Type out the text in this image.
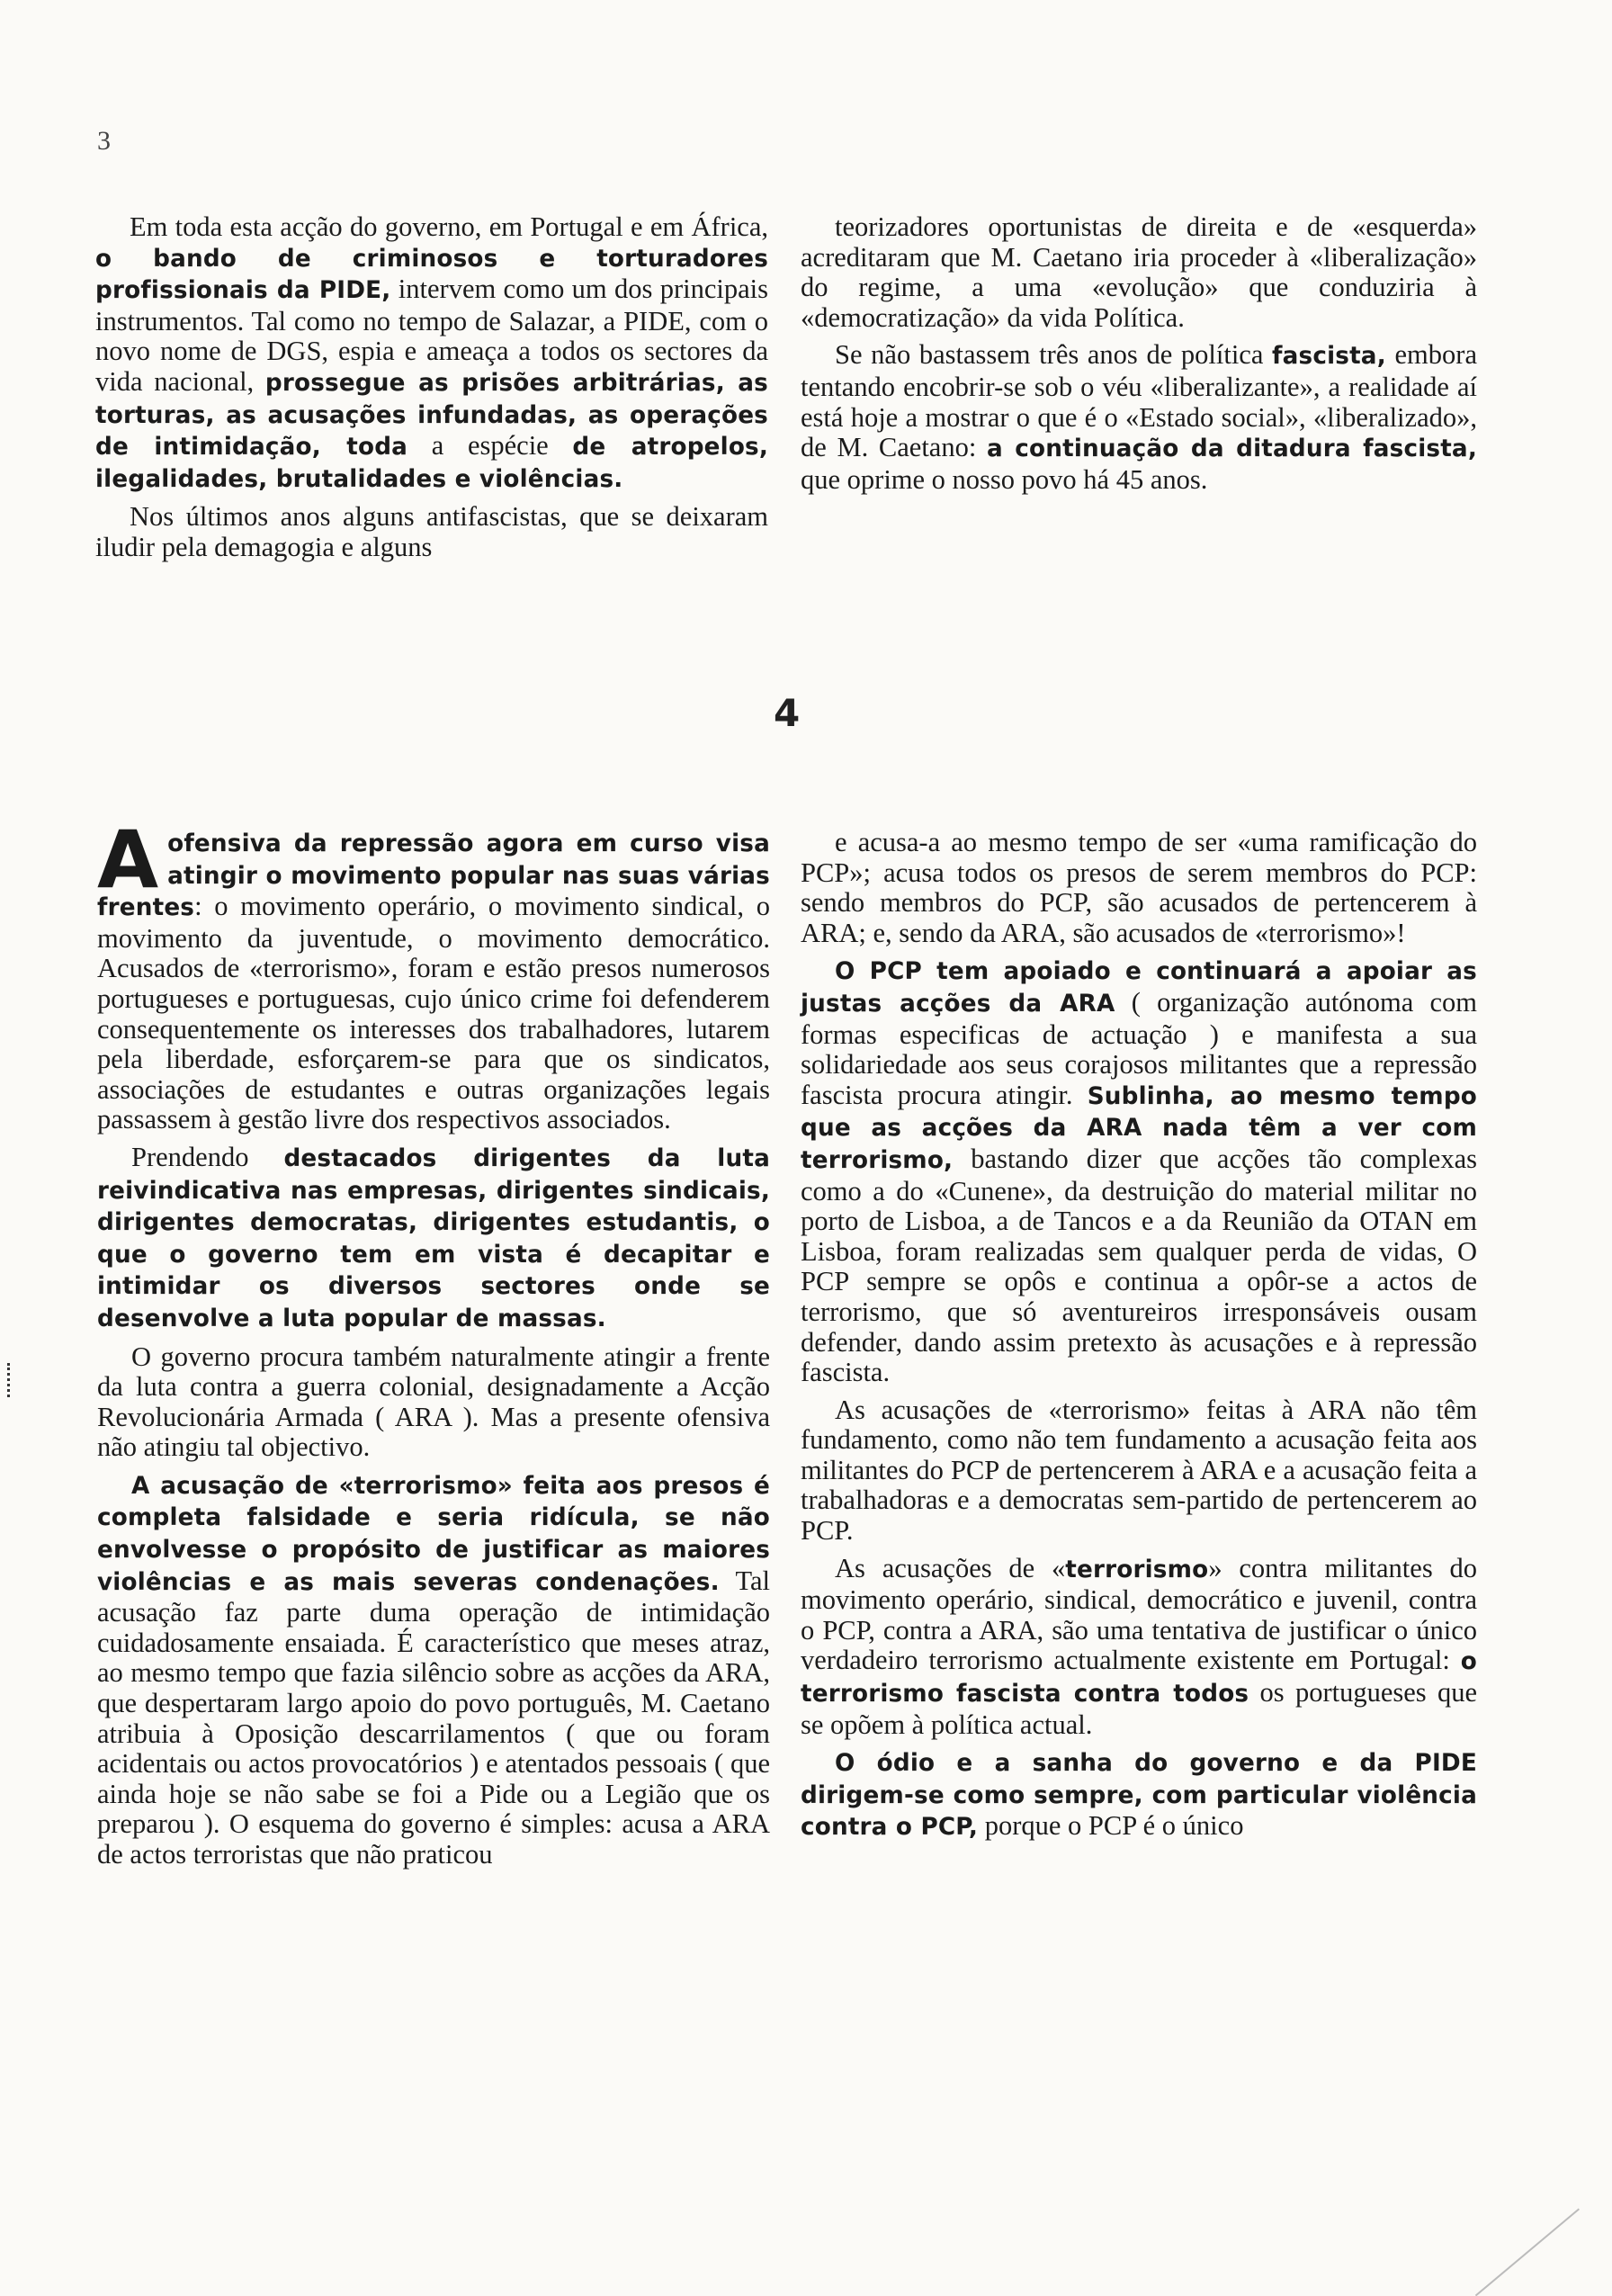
3

Em toda esta acção do governo, em Portugal e em África, o bando de criminosos e torturadores profissionais da PIDE, intervem como um dos principais instrumentos. Tal como no tempo de Salazar, a PIDE, com o novo nome de DGS, espia e ameaça a todos os sectores da vida nacional, prossegue as prisões arbitrárias, as torturas, as acusações infundadas, as operações de intimidação, toda a espécie de atropelos, ilegalidades, brutalidades e violências.

Nos últimos anos alguns antifascistas, que se deixaram iludir pela demagogia e alguns

teorizadores oportunistas de direita e de «esquerda» acreditaram que M. Caetano iria proceder à «liberalização» do regime, a uma «evolução» que conduziria à «democratização» da vida Política.

Se não bastassem três anos de política fascista, embora tentando encobrir-se sob o véu «liberalizante», a realidade aí está hoje a mostrar o que é o «Estado social», «liberalizado», de M. Caetano: a continuação da ditadura fascista, que oprime o nosso povo há 45 anos.

4

Aofensiva da repressão agora em curso visa atingir o movimento popular nas suas várias frentes: o movimento operário, o movimento sindical, o movimento da juventude, o movimento democrático. Acusados de «terrorismo», foram e estão presos numerosos portugueses e portuguesas, cujo único crime foi defenderem consequentemente os interesses dos trabalhadores, lutarem pela liberdade, esforçarem-se para que os sindicatos, associações de estudantes e outras organizações legais passassem à gestão livre dos respectivos associados.

Prendendo destacados dirigentes da luta reivindicativa nas empresas, dirigentes sindicais, dirigentes democratas, dirigentes estudantis, o que o governo tem em vista é decapitar e intimidar os diversos sectores onde se desenvolve a luta popular de massas.

O governo procura também naturalmente atingir a frente da luta contra a guerra colonial, designadamente a Acção Revolucionária Armada ( ARA ). Mas a presente ofensiva não atingiu tal objectivo.

A acusação de «terrorismo» feita aos presos é completa falsidade e seria ridícula, se não envolvesse o propósito de justificar as maiores violências e as mais severas condenações. Tal acusação faz parte duma operação de intimidação cuidadosamente ensaiada. É característico que meses atraz, ao mesmo tempo que fazia silêncio sobre as acções da ARA, que despertaram largo apoio do povo português, M. Caetano atribuia à Oposição descarrilamentos ( que ou foram acidentais ou actos provocatórios ) e atentados pessoais ( que ainda hoje se não sabe se foi a Pide ou a Legião que os preparou ). O esquema do governo é simples: acusa a ARA de actos terroristas que não praticou

e acusa-a ao mesmo tempo de ser «uma ramificação do PCP»; acusa todos os presos de serem membros do PCP: sendo membros do PCP, são acusados de pertencerem à ARA; e, sendo da ARA, são acusados de «terrorismo»!

O PCP tem apoiado e continuará a apoiar as justas acções da ARA ( organização autónoma com formas especificas de actuação ) e manifesta a sua solidariedade aos seus corajosos militantes que a repressão fascista procura atingir. Sublinha, ao mesmo tempo que as acções da ARA nada têm a ver com terrorismo, bastando dizer que acções tão complexas como a do «Cunene», da destruição do material militar no porto de Lisboa, a de Tancos e a da Reunião da OTAN em Lisboa, foram realizadas sem qualquer perda de vidas, O PCP sempre se opôs e continua a opôr-se a actos de terrorismo, que só aventureiros irresponsáveis ousam defender, dando assim pretexto às acusações e à repressão fascista.

As acusações de «terrorismo» feitas à ARA não têm fundamento, como não tem fundamento a acusação feita aos militantes do PCP de pertencerem à ARA e a acusação feita a trabalhadoras e a democratas sem-partido de pertencerem ao PCP.

As acusações de «terrorismo» contra militantes do movimento operário, sindical, democrático e juvenil, contra o PCP, contra a ARA, são uma tentativa de justificar o único verdadeiro terrorismo actualmente existente em Portugal: o terrorismo fascista contra todos os portugueses que se opõem à política actual.

O ódio e a sanha do governo e da PIDE dirigem-se como sempre, com particular violência contra o PCP, porque o PCP é o único
